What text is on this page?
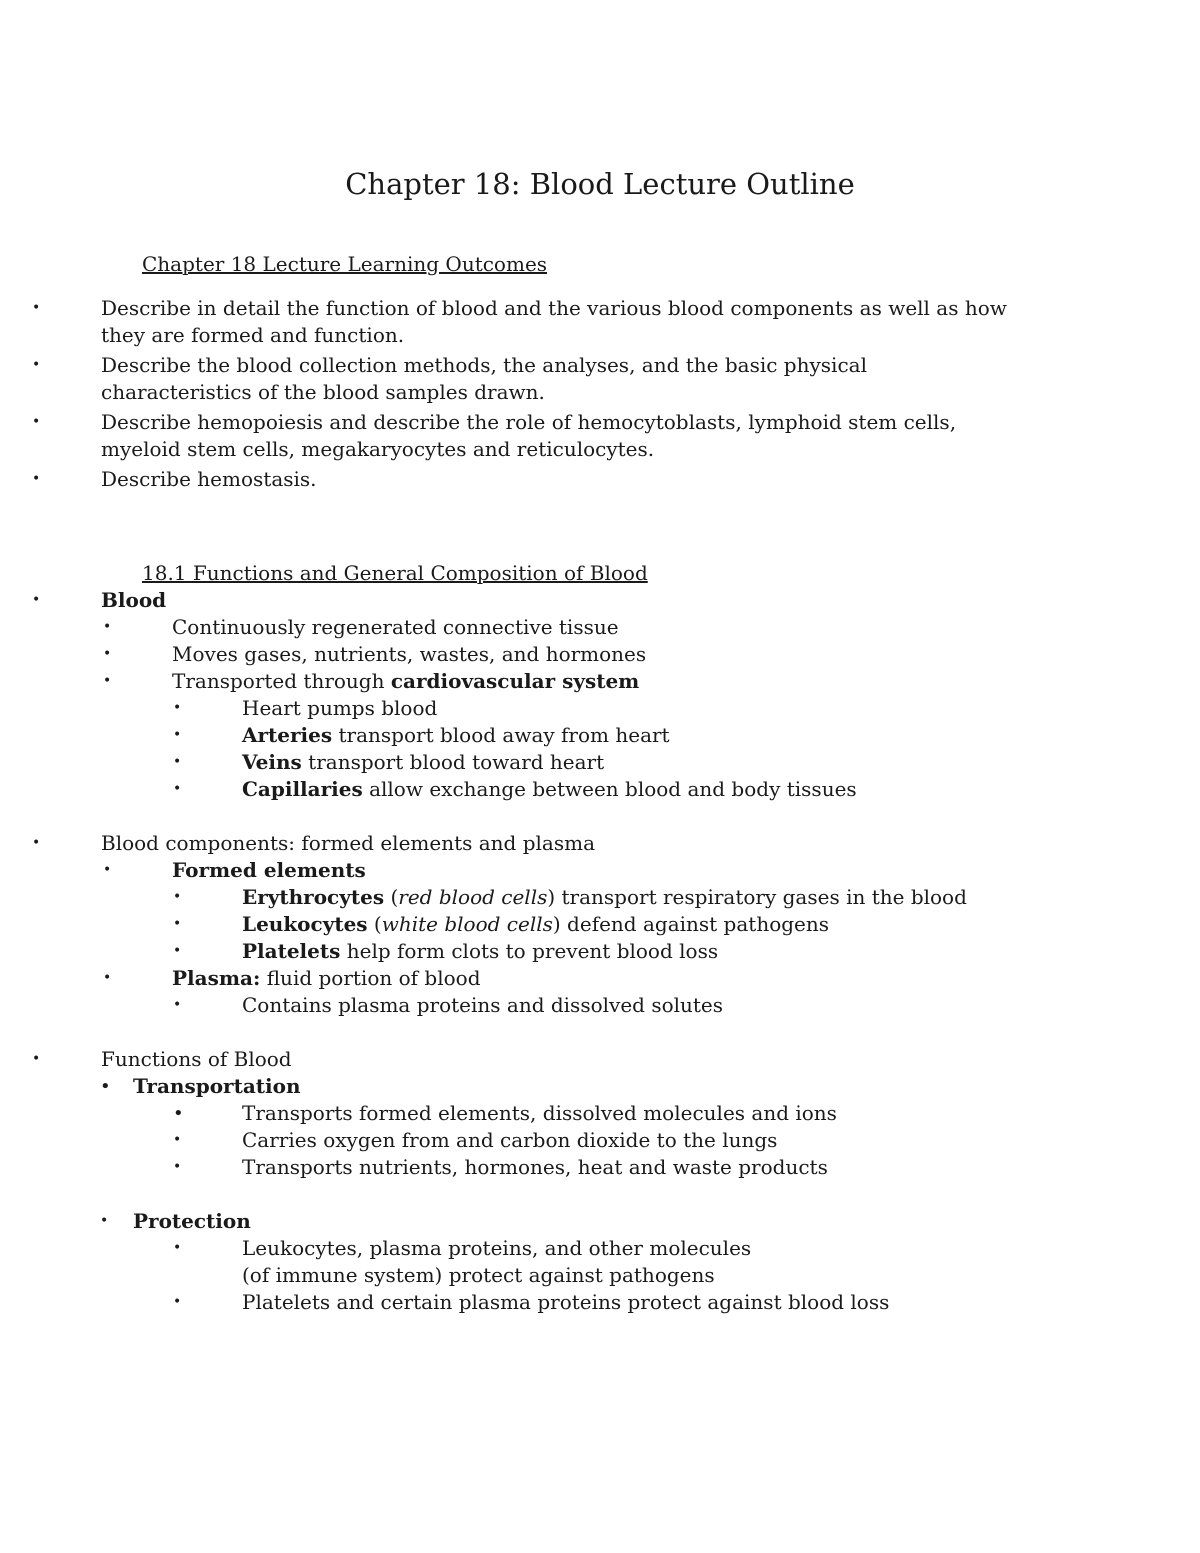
Chapter 18: Blood Lecture Outline
Chapter 18 Lecture Learning Outcomes
•	Describe in detail the function of blood and the various blood components as well as how
they are formed and function.
•	Describe the blood collection methods, the analyses, and the basic physical
characteristics of the blood samples drawn.
•	Describe hemopoiesis and describe the role of hemocytoblasts, lymphoid stem cells,
myeloid stem cells, megakaryocytes and reticulocytes.
•	Describe hemostasis.
18.1 Functions and General Composition of Blood
•	Blood
•	Continuously regenerated connective tissue
•	Moves gases, nutrients, wastes, and hormones
•	Transported through cardiovascular system
•	Heart pumps blood
•	Arteries transport blood away from heart
•	Veins transport blood toward heart
•	Capillaries allow exchange between blood and body tissues
•	Blood components: formed elements and plasma
•	Formed elements
•	Erythrocytes (red blood cells) transport respiratory gases in the blood
•	Leukocytes (white blood cells) defend against pathogens
•	Platelets help form clots to prevent blood loss
•	Plasma: fluid portion of blood
•	Contains plasma proteins and dissolved solutes
•	Functions of Blood
•	Transportation
•	Transports formed elements, dissolved molecules and ions
•	Carries oxygen from and carbon dioxide to the lungs
•	Transports nutrients, hormones, heat and waste products
•	Protection
•	Leukocytes, plasma proteins, and other molecules
(of immune system) protect against pathogens
•	Platelets and certain plasma proteins protect against blood loss
